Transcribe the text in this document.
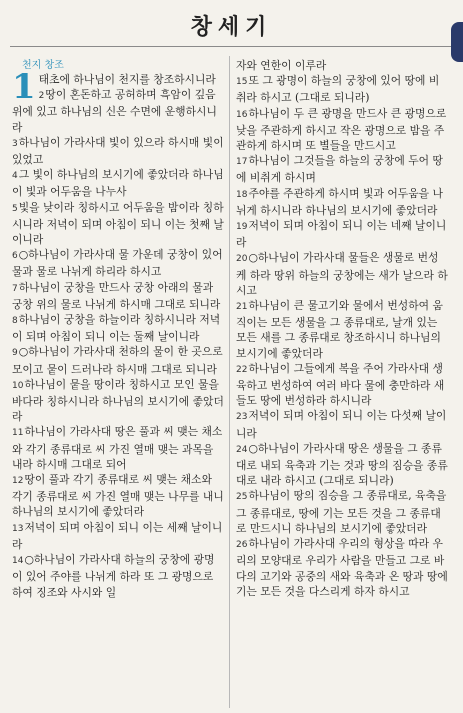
창세기
천지 창조
1 태초에 하나님이 천지를 창조하시니라
2땅이 혼돈하고 공허하며 흑암이 깊음 위에 있고 하나님의 신은 수면에 운행하시니라
3하나님이 가라사대 빛이 있으라 하시매 빛이 있었고
4그 빛이 하나님의 보시기에 좋았더라 하나님이 빛과 어두움을 나누사
5빛을 낮이라 칭하시고 어두움을 밤이라 칭하시니라 저녁이 되며 아침이 되니 이는 첫째 날이니라
6○하나님이 가라사대 물 가운데 궁창이 있어 물과 물로 나뉘게 하리라 하시고
7하나님이 궁창을 만드사 궁창 아래의 물과 궁창 위의 물로 나뉘게 하시매 그대로 되니라
8하나님이 궁창을 하늘이라 칭하시니라 저녁이 되며 아침이 되니 이는 둘째 날이니라
9○하나님이 가라사대 천하의 물이 한 곳으로 모이고 뭍이 드러나라 하시매 그대로 되니라
10하나님이 뭍을 땅이라 칭하시고 모인 물을 바다라 칭하시니라 하나님의 보시기에 좋았더라
11하나님이 가라사대 땅은 풀과 씨 맺는 채소와 각기 종류대로 씨 가진 열매 맺는 과목을 내라 하시매 그대로 되어
12땅이 풀과 각기 종류대로 씨 맺는 채소와 각기 종류대로 씨 가진 열매 맺는 나무를 내니 하나님의 보시기에 좋았더라
13저녁이 되며 아침이 되니 이는 세째 날이니라
14○하나님이 가라사대 하늘의 궁창에 광명이 있어 주야를 나뉘게 하라 또 그 광명으로 하여 징조와 사시와 일
자와 연한이 이루라
15또 그 광명이 하늘의 궁창에 있어 땅에 비취라 하시고 (그대로 되니라)
16하나님이 두 큰 광명을 만드사 큰 광명으로 낮을 주관하게 하시고 작은 광명으로 밤을 주관하게 하시며 또 별들을 만드시고
17하나님이 그것들을 하늘의 궁창에 두어 땅에 비취게 하시며
18주야를 주관하게 하시며 빛과 어두움을 나뉘게 하시니라 하나님의 보시기에 좋았더라
19저녁이 되며 아침이 되니 이는 네째 날이니라
20○하나님이 가라사대 물들은 생물로 번성케 하라 땅위 하늘의 궁창에는 새가 날으라 하시고
21하나님이 큰 물고기와 물에서 번성하여 움직이는 모든 생물을 그 종류대로, 날개 있는 모든 새를 그 종류대로 창조하시니 하나님의 보시기에 좋았더라
22하나님이 그들에게 복을 주어 가라사대 생육하고 번성하여 여러 바다 물에 충만하라 새들도 땅에 번성하라 하시니라
23저녁이 되며 아침이 되니 이는 다섯째 날이니라
24○하나님이 가라사대 땅은 생물을 그 종류대로 내되 육축과 기는 것과 땅의 짐승을 종류대로 내라 하시고 (그대로 되니라)
25하나님이 땅의 짐승을 그 종류대로, 육축을 그 종류대로, 땅에 기는 모든 것을 그 종류대로 만드시니 하나님의 보시기에 좋았더라
26하나님이 가라사대 우리의 형상을 따라 우리의 모양대로 우리가 사람을 만들고 그로 바다의 고기와 공중의 새와 육축과 온 땅과 땅에 기는 모든 것을 다스리게 하자 하시고
